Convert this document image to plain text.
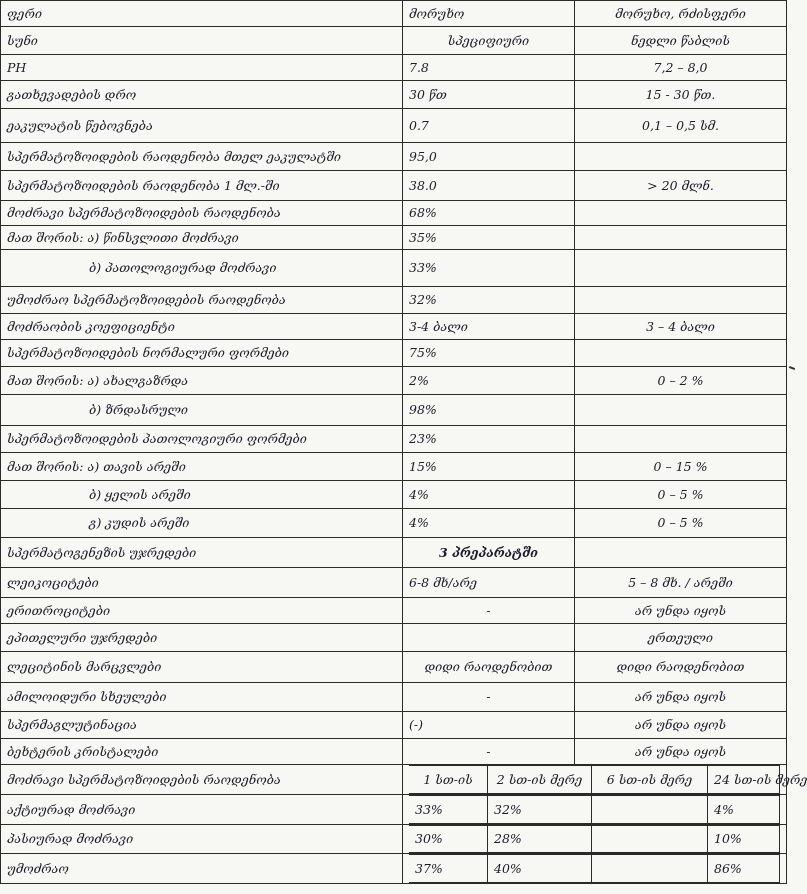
ფერი	მორუხო	მორუხო, რძისფერი
სუნი	სპეციფიური	ნედლი წაბლის
PH	7.8	7,2 – 8,0
გათხევადების დრო	30 წთ	15 - 30 წთ.
ეაკულატის წებოვნება	0.7	0,1 – 0,5 სმ.
სპერმატოზოიდების რაოდენობა მთელ ეაკულატში	95,0	
სპერმატოზოიდების რაოდენობა 1 მლ.-ში	38.0	> 20 მლნ.
მოძრავი სპერმატოზოიდების რაოდენობა	68%	
მათ შორის: ა) წინსვლითი მოძრავი	35%	
ბ) პათოლოგიურად მოძრავი	33%	
უმოძრაო სპერმატოზოიდების რაოდენობა	32%	
მოძრაობის კოეფიციენტი	3-4 ბალი	3 – 4 ბალი
სპერმატოზოიდების ნორმალური ფორმები	75%	
მათ შორის: ა) ახალგაზრდა	2%	0 – 2 %
ბ) ზრდასრული	98%	
სპერმატოზოიდების პათოლოგიური ფორმები	23%	
მათ შორის: ა) თავის არეში	15%	0 – 15 %
ბ) ყელის არეში	4%	0 – 5 %
გ) კუდის არეში	4%	0 – 5 %
სპერმატოგენეზის უჯრედები	3 პრეპარატში	
ლეიკოციტები	6-8 მხ/არე	5 – 8 მხ. / არეში
ერითროციტები	-	არ უნდა იყოს
ეპითელური უჯრედები		ერთეული
ლეციტინის მარცვლები	დიდი რაოდენობით	დიდი რაოდენობით
ამილოიდური სხეულები	-	არ უნდა იყოს
სპერმაგლუტინაცია	(-)	არ უნდა იყოს
ბეხტერის კრისტალები	-	არ უნდა იყოს
მოძრავი სპერმატოზოიდების რაოდენობა		1 სთ-ის	2 სთ-ის მერე	6 სთ-ის მერე	24 სთ-ის მერე

აქტიურად მოძრავი		33%	32%		4%

პასიურად მოძრავი		30%	28%		10%

უმოძრაო		37%	40%		86%
